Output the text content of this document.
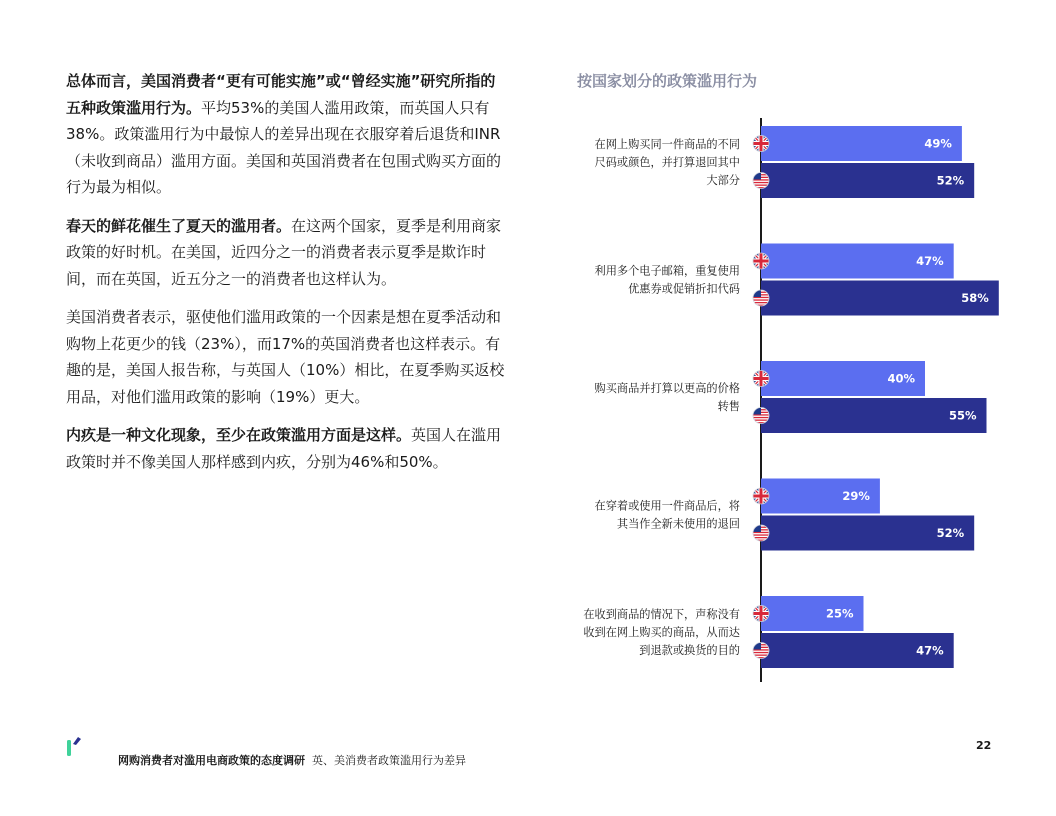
总体而言，美国消费者“更有可能实施”或“曾经实施”研究所指的五种政策滥用行为。平均53%的美国人滥用政策，而英国人只有38%。政策滥用行为中最惊人的差异出现在衣服穿着后退货和INR（未收到商品）滥用方面。美国和英国消费者在包围式购买方面的行为最为相似。

春天的鲜花催生了夏天的滥用者。在这两个国家，夏季是利用商家政策的好时机。在美国，近四分之一的消费者表示夏季是欺诈时间，而在英国，近五分之一的消费者也这样认为。

美国消费者表示，驱使他们滥用政策的一个因素是想在夏季活动和购物上花更少的钱（23%），而17%的英国消费者也这样表示。有趣的是，美国人报告称，与英国人（10%）相比，在夏季购买返校用品，对他们滥用政策的影响（19%）更大。

内疚是一种文化现象，至少在政策滥用方面是这样。英国人在滥用政策时并不像美国人那样感到内疚，分别为46%和50%。

按国家划分的政策滥用行为
49%
52%
在网上购买同一件商品的不同尺码或颜色，并打算退回其中大部分
47%
58%
利用多个电子邮箱，重复使用优惠券或促销折扣代码
40%
55%
购买商品并打算以更高的价格转售
29%
52%
在穿着或使用一件商品后，将其当作全新未使用的退回
25%
47%
在收到商品的情况下，声称没有收到在网上购买的商品，从而达到退款或换货的目的
网购消费者对滥用电商政策的态度调研 英、美消费者政策滥用行为差异
22
